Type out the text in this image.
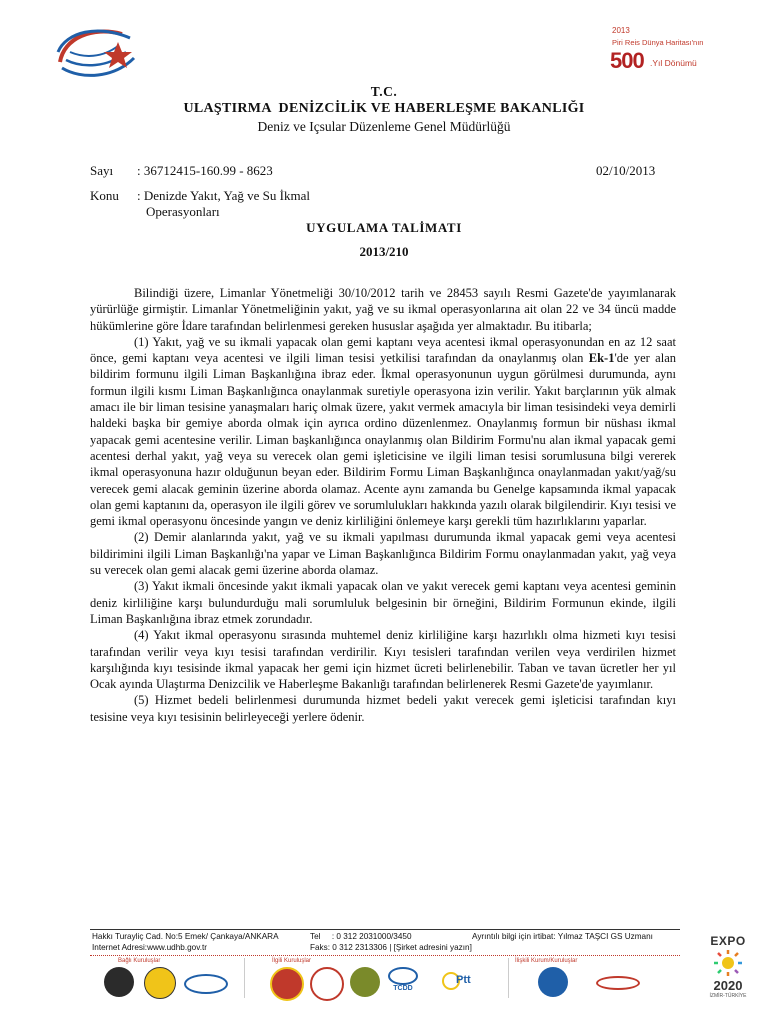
2013
Piri Reis Dünya Haritası'nın
500 .Yıl Dönümü
T.C.
ULAŞTIRMA  DENİZCİLİK VE HABERLEŞME BAKANLIĞI
Deniz ve Içsular Düzenleme Genel Müdürlüğü
Sayı : 36712415-160.99 - 8623	02/10/2013
Konu : Denizde Yakıt, Yağ ve Su İkmal
Operasyonları
UYGULAMA TALİMATI
2013/210

Bilindiği üzere, Limanlar Yönetmeliği 30/10/2012 tarih ve 28453 sayılı Resmi Gazete'de yayımlanarak yürürlüğe girmiştir. Limanlar Yönetmeliğinin yakıt, yağ ve su ikmal operasyonlarına ait olan 22 ve 34 üncü madde hükümlerine göre İdare tarafından belirlenmesi gereken hususlar aşağıda yer almaktadır. Bu itibarla;

(1) Yakıt, yağ ve su ikmali yapacak olan gemi kaptanı veya acentesi ikmal operasyonundan en az 12 saat önce, gemi kaptanı veya acentesi ve ilgili liman tesisi yetkilisi tarafından da onaylanmış olan Ek-1'de yer alan bildirim formunu ilgili Liman Başkanlığına ibraz eder. İkmal operasyonunun uygun görülmesi durumunda, aynı formun ilgili kısmı Liman Başkanlığınca onaylanmak suretiyle operasyona izin verilir. Yakıt barçlarının yük almak amacı ile bir liman tesisine yanaşmaları hariç olmak üzere, yakıt vermek amacıyla bir liman tesisindeki veya demirli haldeki başka bir gemiye aborda olmak için ayrıca ordino düzenlenmez. Onaylanmış formun bir nüshası ikmal yapacak gemi acentesine verilir. Liman başkanlığınca onaylanmış olan Bildirim Formu'nu alan ikmal yapacak gemi acentesi derhal yakıt, yağ veya su verecek olan gemi işleticisine ve ilgili liman tesisi sorumlusuna bilgi vererek ikmal operasyonuna hazır olduğunun beyan eder. Bildirim Formu Liman Başkanlığınca onaylanmadan yakıt/yağ/su verecek gemi alacak geminin üzerine aborda olamaz. Acente aynı zamanda bu Genelge kapsamında ikmal yapacak olan gemi kaptanını da, operasyon ile ilgili görev ve sorumlulukları hakkında yazılı olarak bilgilendirir. Kıyı tesisi ve gemi ikmal operasyonu öncesinde yangın ve deniz kirliliğini önlemeye karşı gerekli tüm hazırlıklarını yaparlar.

(2) Demir alanlarında yakıt, yağ ve su ikmali yapılması durumunda ikmal yapacak gemi veya acentesi bildirimini ilgili Liman Başkanlığı'na yapar ve Liman Başkanlığınca Bildirim Formu onaylanmadan yakıt, yağ veya su verecek olan gemi alacak gemi üzerine aborda olamaz.

(3) Yakıt ikmali öncesinde yakıt ikmali yapacak olan ve yakıt verecek gemi kaptanı veya acentesi geminin deniz kirliliğine karşı bulundurduğu mali sorumluluk belgesinin bir örneğini, Bildirim Formunun ekinde, ilgili Liman Başkanlığına ibraz etmek zorundadır.

(4) Yakıt ikmal operasyonu sırasında muhtemel deniz kirliliğine karşı hazırlıklı olma hizmeti kıyı tesisi tarafından verilir veya kıyı tesisi tarafından verdirilir. Kıyı tesisleri tarafından verilen veya verdirilen hizmet karşılığında kıyı tesisinde ikmal yapacak her gemi için hizmet ücreti belirlenebilir. Taban ve tavan ücretler her yıl Ocak ayında Ulaştırma Denizcilik ve Haberleşme Bakanlığı tarafından belirlenerek Resmi Gazete'de yayımlanır.

(5) Hizmet bedeli belirlenmesi durumunda hizmet bedeli yakıt verecek gemi işleticisi tarafından kıyı tesisine veya kıyı tesisinin belirleyeceği yerlere ödenir.

Hakkı Turayliç Cad. No:5 Emek/ Çankaya/ANKARA
Internet Adresi:www.udhb.gov.tr
Tel     : 0 312 2031000/3450
Faks: 0 312 2313306 | [Şirket adresini yazın]
Ayrıntılı bilgi için irtibat: Yılmaz TAŞCI GS Uzmanı
Bağlı Kuruluşlar	İlgili Kuruluşlar	İlişkili Kurum/Kuruluşlar
TCDD
Ptt
EXPO
2020
İZMİR-TÜRKİYE
